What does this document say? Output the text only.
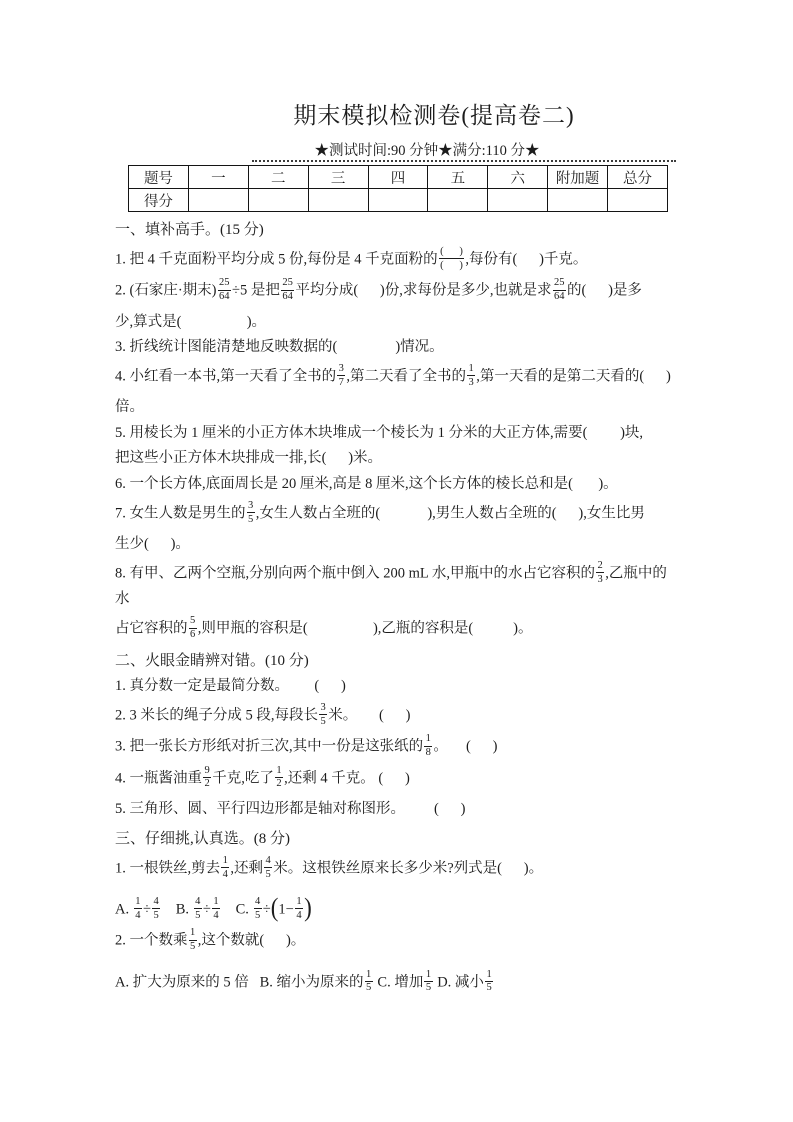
期末模拟检测卷(提高卷二)
★测试时间:90 分钟★满分:110 分★
题号	一	二	三	四	五	六	附加题	总分
得分								
一、填补高手。(15 分)
1. 把 4 千克面粉平均分成 5 份,每份是 4 千克面粉的 $\frac{( )}{( )}$ ,每份有(      )千克。
2. (石家庄·期末) $\frac{25}{64} \div 5$ 是把 $\frac{25}{64}$ 平均分成(      )份,求每份是多少,也就是求 $\frac{25}{64}$ 的(      )是多
少,算式是(                  )。
3. 折线统计图能清楚地反映数据的(                )情况。
4. 小红看一本书,第一天看了全书的 $\frac{3}{7}$ ,第二天看了全书的 $\frac{1}{3}$ ,第一天看的是第二天看的(      )
倍。
5. 用棱长为 1 厘米的小正方体木块堆成一个棱长为 1 分米的大正方体,需要(         )块,
把这些小正方体木块排成一排,长(      )米。
6. 一个长方体,底面周长是 20 厘米,高是 8 厘米,这个长方体的棱长总和是(       )。
7. 女生人数是男生的 $\frac{3}{5}$ ,女生人数占全班的(             ),男生人数占全班的(      ),女生比男
生少(      )。
8. 有甲、乙两个空瓶,分别向两个瓶中倒入 200 mL 水,甲瓶中的水占它容积的 $\frac{2}{3}$ ,乙瓶中的水
占它容积的 $\frac{5}{6}$ ,则甲瓶的容积是(                  ),乙瓶的容积是(           )。
二、火眼金睛辨对错。(10 分)
1. 真分数一定是最简分数。       (      )
2. 3 米长的绳子分成 5 段,每段长 $\frac{3}{5}$ 米。      (      )
3. 把一张长方形纸对折三次,其中一份是这张纸的 $\frac{1}{8}$ 。     (      )
4. 一瓶酱油重 $\frac{9}{2}$ 千克,吃了 $\frac{1}{2}$ ,还剩 4 千克。 (      )
5. 三角形、圆、平行四边形都是轴对称图形。        (      )
三、仔细挑,认真选。(8 分)
1. 一根铁丝,剪去 $\frac{1}{4}$ ,还剩 $\frac{4}{5}$ 米。这根铁丝原来长多少米?列式是(      )。
A. $\frac{1}{4} \div \frac{4}{5} B$. $\frac{4}{5} \div \frac{1}{4} C$. $\frac{4}{5} \div(1- \frac{1}{4}$ )
2. 一个数乘 $\frac{1}{5}$ ,这个数就(      )。
A. 扩大为原来的 5 倍   B. 缩小为原来的 $\frac{1}{5} C$. 增加 $\frac{1}{5} D$. 减小 $\frac{1}{5}$
